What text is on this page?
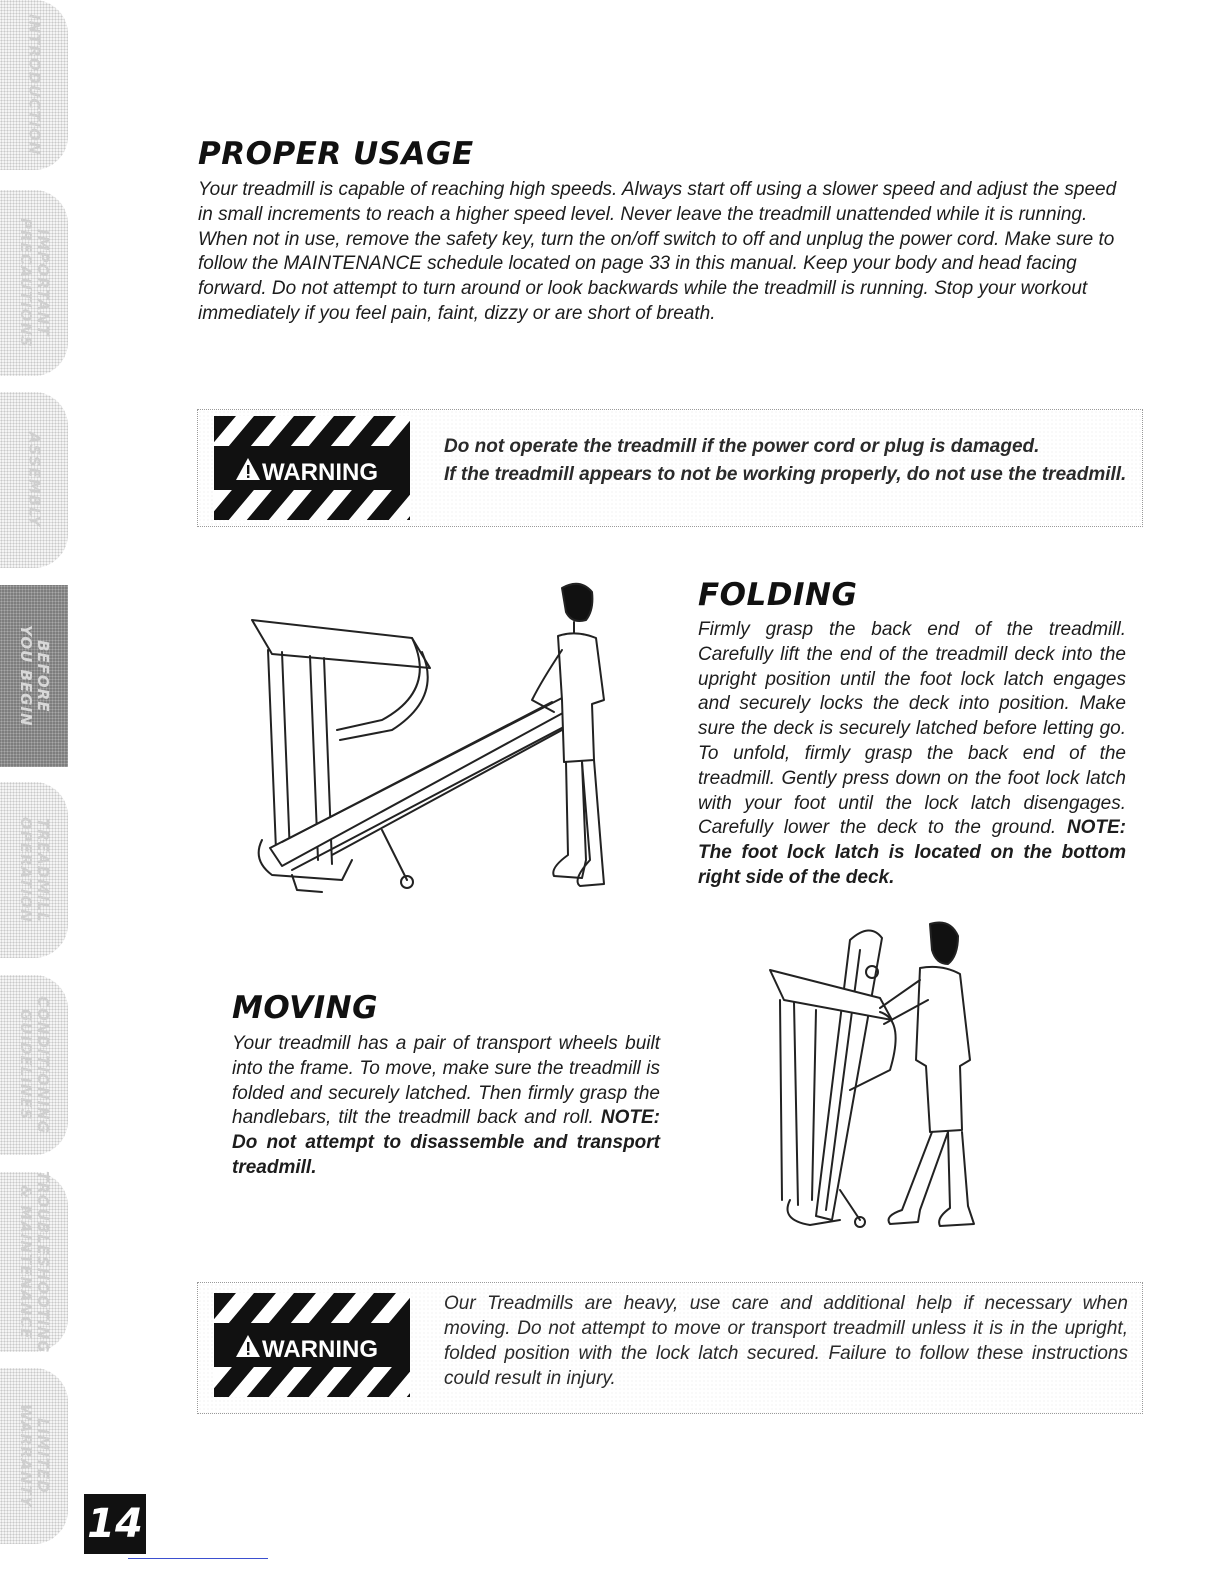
INTRODUCTION
IMPORTANT
PRECAUTIONS
ASSEMBLY
BEFORE
YOU BEGIN
TREADMILL
OPERATION
CONDITIONING
GUIDELINES
TROUBLESHOOTING
& MAINTENANCE
LIMITED
WARRANTY
PROPER USAGE

Your treadmill is capable of reaching high speeds. Always start off using a slower speed and adjust the speed in small increments to reach a higher speed level. Never leave the treadmill unattended while it is running. When not in use, remove the safety key, turn the on/off switch to off and unplug the power cord. Make sure to follow the MAINTENANCE schedule located on page 33 in this manual. Keep your body and head facing forward. Do not attempt to turn around or look backwards while the treadmill is running. Stop your workout immediately if you feel pain, faint, dizzy or are short of breath.

WARNING

Do not operate the treadmill if the power cord or plug is damaged.

If the treadmill appears to not be working properly, do not use the treadmill.

FOLDING

Firmly grasp the back end of the treadmill. Carefully lift the end of the treadmill deck into the upright position until the foot lock latch engages and securely locks the deck into position. Make sure the deck is securely latched before letting go. To unfold, firmly grasp the back end of the treadmill. Gently press down on the foot lock latch with your foot until the lock latch disengages. Carefully lower the deck to the ground. NOTE: The foot lock latch is located on the bottom right side of the deck.

MOVING

Your treadmill has a pair of transport wheels built into the frame. To move, make sure the treadmill is folded and securely latched. Then firmly grasp the handlebars, tilt the treadmill back and roll. NOTE: Do not attempt to disassemble and transport treadmill.

WARNING

Our Treadmills are heavy, use care and additional help if necessary when moving. Do not attempt to move or transport treadmill unless it is in the upright, folded position with the lock latch secured. Failure to follow these instructions could result in injury.

14
